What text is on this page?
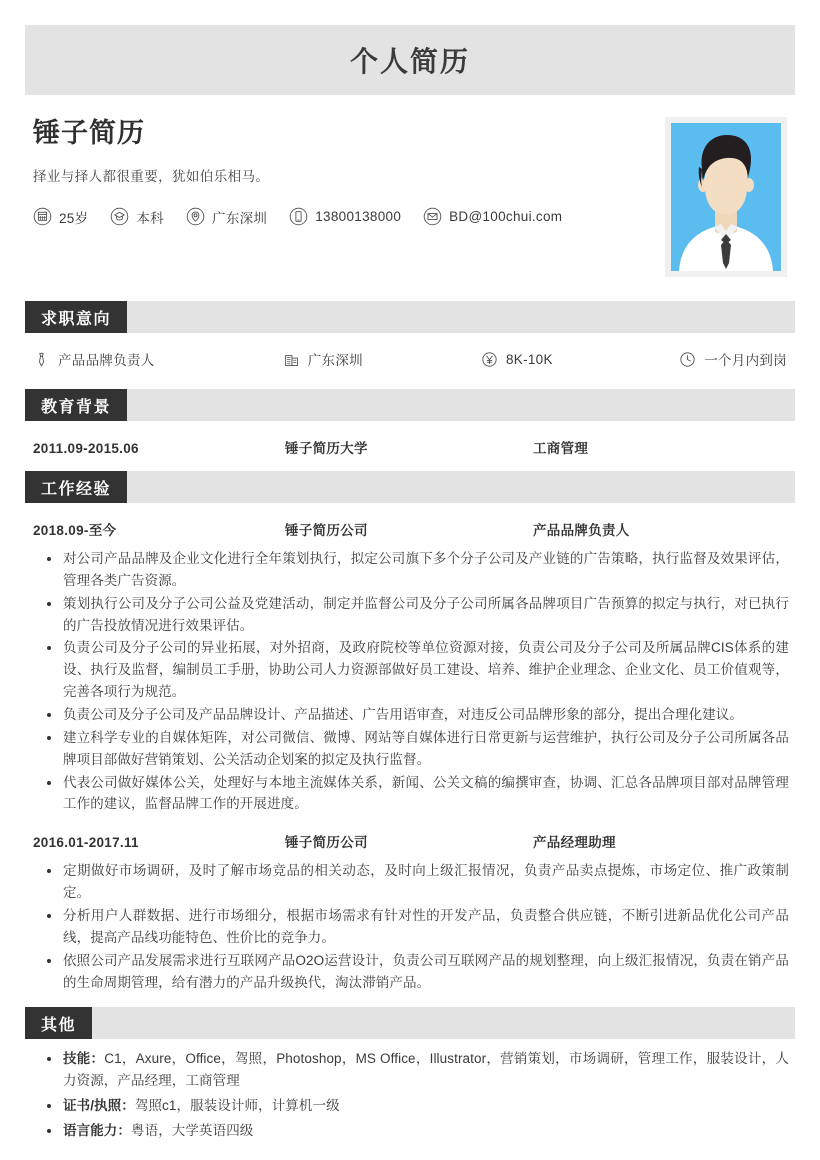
个人简历
锤子简历
择业与择人都很重要，犹如伯乐相马。
25岁	本科	广东深圳	13800138000	BD@100chui.com
求职意向
产品品牌负责人	广东深圳	8K-10K	一个月内到岗
教育背景
2011.09-2015.06	锤子简历大学	工商管理
工作经验
2018.09-至今	锤子简历公司	产品品牌负责人
对公司产品品牌及企业文化进行全年策划执行，拟定公司旗下多个分子公司及产业链的广告策略，执行监督及效果评估，管理各类广告资源。
策划执行公司及分子公司公益及党建活动，制定并监督公司及分子公司所属各品牌项目广告预算的拟定与执行，对已执行的广告投放情况进行效果评估。
负责公司及分子公司的异业拓展，对外招商，及政府院校等单位资源对接，负责公司及分子公司及所属品牌CIS体系的建设、执行及监督，编制员工手册，协助公司人力资源部做好员工建设、培养、维护企业理念、企业文化、员工价值观等，完善各项行为规范。
负责公司及分子公司及产品品牌设计、产品描述、广告用语审查，对违反公司品牌形象的部分，提出合理化建议。
建立科学专业的自媒体矩阵，对公司微信、微博、网站等自媒体进行日常更新与运营维护，执行公司及分子公司所属各品牌项目部做好营销策划、公关活动企划案的拟定及执行监督。
代表公司做好媒体公关，处理好与本地主流媒体关系，新闻、公关文稿的编撰审查，协调、汇总各品牌项目部对品牌管理工作的建议，监督品牌工作的开展进度。
2016.01-2017.11	锤子简历公司	产品经理助理
定期做好市场调研，及时了解市场竞品的相关动态，及时向上级汇报情况，负责产品卖点提炼，市场定位、推广政策制定。
分析用户人群数据、进行市场细分，根据市场需求有针对性的开发产品，负责整合供应链，不断引进新品优化公司产品线，提高产品线功能特色、性价比的竞争力。
依照公司产品发展需求进行互联网产品O2O运营设计，负责公司互联网产品的规划整理，向上级汇报情况，负责在销产品的生命周期管理，给有潜力的产品升级换代，淘汰滞销产品。
其他
技能：C1，Axure，Office，驾照，Photoshop，MS Office，Illustrator，营销策划，市场调研，管理工作，服装设计，人力资源，产品经理，工商管理
证书/执照：驾照c1，服装设计师，计算机一级
语言能力：粤语，大学英语四级
